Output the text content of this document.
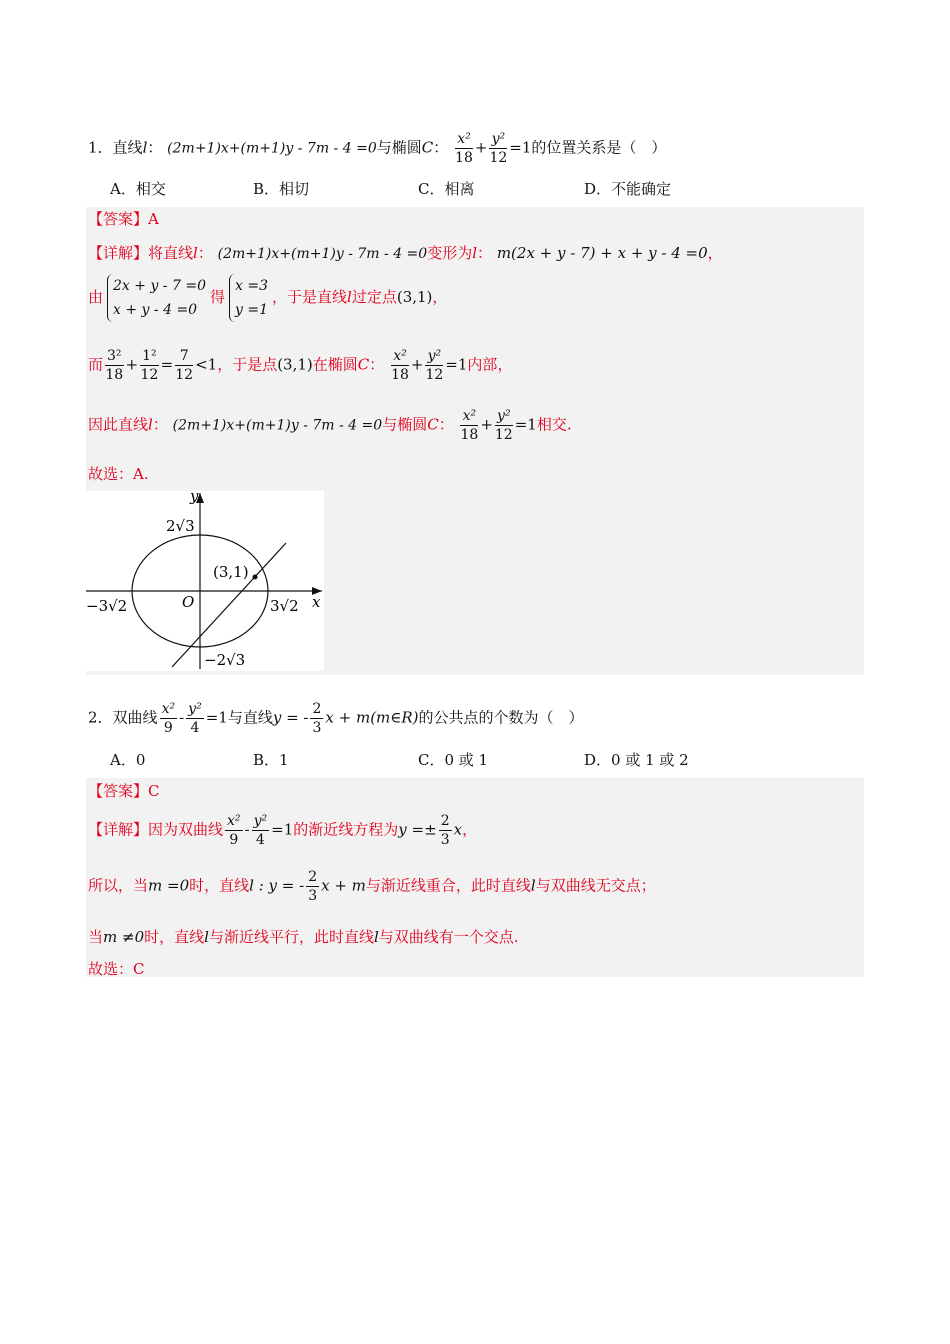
1．直线l： (2m+1)x+(m+1)y - 7m - 4 =0与椭圆C： $\frac{\text{x²}}{18} + \frac{\text{y²}}{12} =1$的位置关系是（　）
A．相交	B．相切	C．相离	D．不能确定
【答案】A
【详解】将直线l： (2m+1)x+(m+1)y - 7m - 4 =0变形为l： m(2x + y - 7) + x + y - 4 =0，
由
2x + y - 7 =0
x + y - 4 =0
得
x =3
y =1
，于是直线l过定点(3,1)，
而 $\frac{\text{3²}}{18} + \frac{\text{1²}}{12} = \frac{7}{12} <1$，于是点(3,1)在椭圆C： $\frac{\text{x²}}{18} + \frac{\text{y²}}{12} =1$内部，
因此直线l： (2m+1)x+(m+1)y - 7m - 4 =0与椭圆C： $\frac{\text{x²}}{18} + \frac{\text{y²}}{12} =1$相交.
故选：A.
y
x
2√3
−2√3
−3√2	3√2
O
(3,1)
2．双曲线 $\frac{\text{x²}}{9} - \frac{\text{y²}}{4} =1$与直线y = - $\frac{2}{3}$ x + m(m∈R)的公共点的个数为（　）
A．0	B．1	C．0 或 1	D．0 或 1 或 2
【答案】C
【详解】因为双曲线 $\frac{\text{x²}}{9} - \frac{\text{y²}}{4} =1$的渐近线方程为$y =\pm \frac{2}{3}$ x，
所以，当m =0时，直线l : y = - $\frac{2}{3}$ x + m与渐近线重合，此时直线l与双曲线无交点；
当m ≠0时，直线l与渐近线平行，此时直线l与双曲线有一个交点.
故选：C
